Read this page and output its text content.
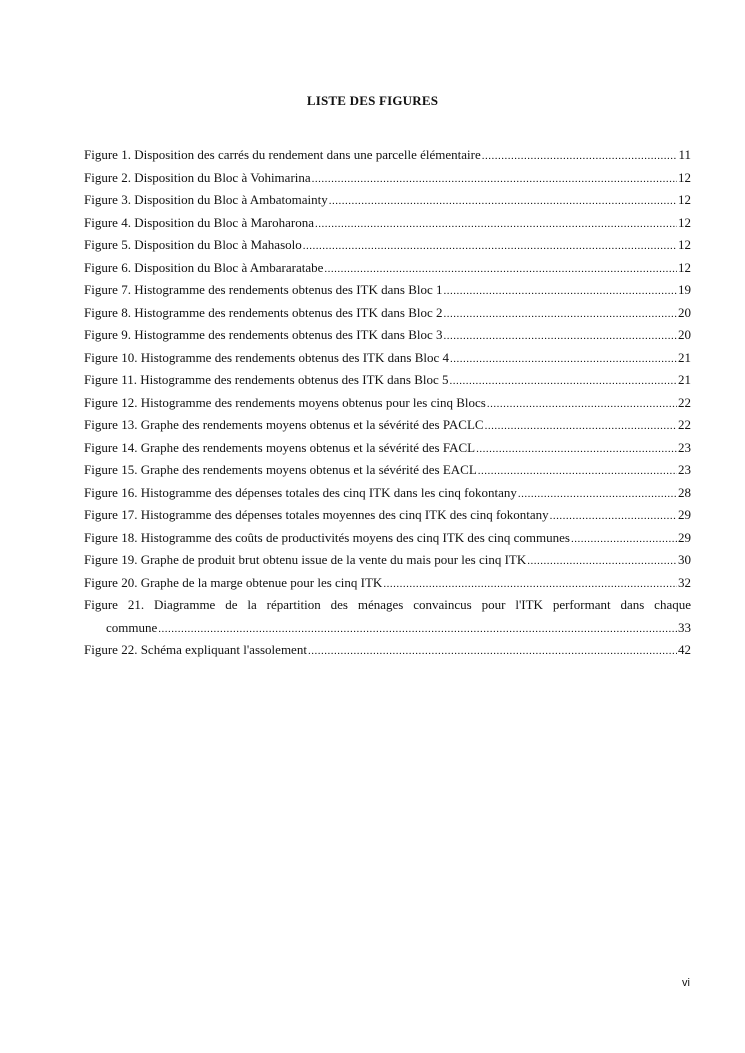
LISTE DES FIGURES
Figure 1. Disposition des carrés du rendement dans une parcelle élémentaire .....	11
Figure 2. Disposition du Bloc à Vohimarina .....	12
Figure 3. Disposition du Bloc à Ambatomainty .....	12
Figure 4. Disposition du Bloc à Maroharona .....	12
Figure 5. Disposition du Bloc à Mahasolo .....	12
Figure 6. Disposition du Bloc à Ambararatabe .....	12
Figure 7. Histogramme des rendements obtenus des ITK dans Bloc 1 .....	19
Figure 8. Histogramme des rendements obtenus des ITK dans Bloc 2 .....	20
Figure 9. Histogramme des rendements obtenus des ITK dans Bloc 3 .....	20
Figure 10. Histogramme des rendements obtenus des ITK dans Bloc 4 .....	21
Figure 11. Histogramme des rendements obtenus des ITK dans Bloc 5 .....	21
Figure 12. Histogramme des rendements moyens obtenus pour les cinq Blocs .....	22
Figure 13. Graphe des rendements moyens obtenus et la sévérité des PACLC .....	22
Figure 14. Graphe des rendements moyens obtenus et la sévérité des FACL .....	23
Figure 15. Graphe des rendements moyens obtenus et la sévérité des EACL .....	23
Figure 16. Histogramme des dépenses totales des cinq ITK dans les cinq fokontany .....	28
Figure 17. Histogramme des dépenses totales moyennes des cinq ITK des cinq fokontany .....	29
Figure 18. Histogramme des coûts de productivités moyens des cinq ITK des cinq communes .....	29
Figure 19. Graphe de produit brut obtenu issue de la vente du mais pour les cinq ITK .....	30
Figure 20. Graphe de la marge obtenue pour les cinq ITK .....	32
Figure 21. Diagramme de la répartition des ménages convaincus pour l'ITK performant dans chaque
commune .....	33
Figure 22. Schéma expliquant l'assolement .....	42
vi
